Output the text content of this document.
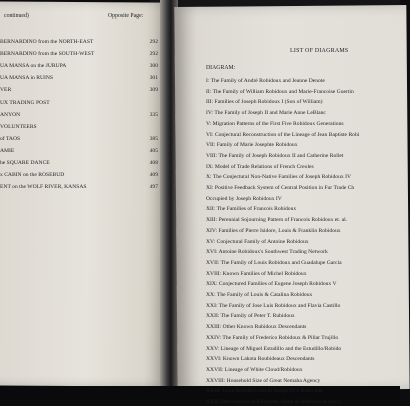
continued)	Opposite Page:
BERNARDINO from the NORTH-EAST	292
BERNARDINO from the SOUTH-WEST	292
UA MANSA on the JURUPA	300
UA MANSA in RUINS	301
VER	309
UX TRADING POST
ANYON	335
VOLUNTEERS
of TAOS	385
AMIE	405
he SQUARE DANCE	408
x CABIN on the ROSEBUD	409
ENT on the WOLF RIVER, KANSAS	497
LIST OF DIAGRAMS
DIAGRAM:
I: The Family of André Robidoux and Jeanne Denote
II: The Family of William Robidoux and Marie-Francoise Guertin
III: Families of Joseph Robidoux I (Son of William)
IV: The Family of Joseph II and Marie Anne LeBlanc
V: Migration Patterns of the First Five Robidoux Generations
VI: Conjectural Reconstruction of the Lineage of Jean Baptiste Robi
VII: Family of Marie Josephte Robidoux
VIII: The Family of Joseph Robidoux II and Catherine Rollet
IX: Model of Trade Relations of French Creoles
X: The Conjectural Non-Native Families of Joseph Robidoux IV
XI: Positive Feedback System of Central Position in Fur Trade Ch
Occupied by Joseph Robidoux IV
XII: The Families of Francois Robidoux
XIII: Perennial Sojourning Pattern of Francois Robidoux et. al.
XIV: Families of Pierre Isidore, Louis & Franklin Robidoux
XV: Conjectural Family of Antoine Robidoux
XVI: Antoine Robidoux's Southwest Trading Network
XVII: The Family of Louis Robidoux and Guadalupe Garcia
XVIII: Known Families of Michel Robidoux
XIX: Conjectured Families of Eugene Joseph Robidoux V
XX: The Family of Louis & Catalina Robidoux
XXI: The Family of Jose Luis Robidoux and Flavia Castillo
XXII: The Family of Peter T. Rubidoux
XXIII: Other Known Rubidoux Descendants
XXIV: The Family of Frederico Robidoux & Pillar Trujillo
XXV: Lineage of Miguel Estudillo and the Estudillo/Robido
XXVI: Known Lakota Roubideaux Descendants
XXVII: Lineage of White Cloud/Robidoux
XXVIII: Household Size of Great Nemaha Agency
XXIX: Iowa Robidoux not in Joseph IV's direct line
XXX: Descendants of Elizabeth, Sarah & Jefferson White C
